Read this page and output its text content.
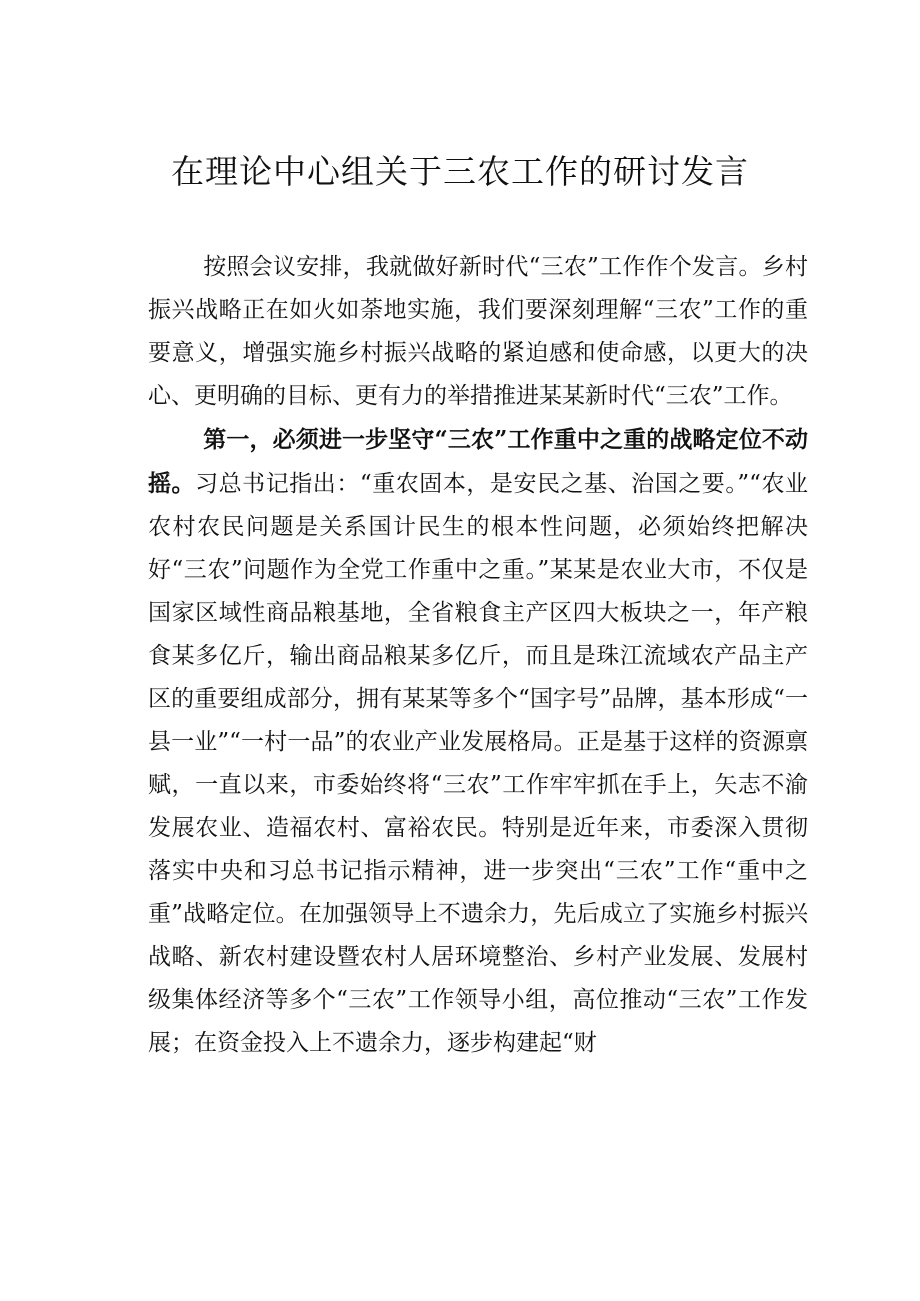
在理论中心组关于三农工作的研讨发言

按照会议安排，我就做好新时代“三农”工作作个发言。乡村振兴战略正在如火如荼地实施，我们要深刻理解“三农”工作的重要意义，增强实施乡村振兴战略的紧迫感和使命感，以更大的决心、更明确的目标、更有力的举措推进某某新时代“三农”工作。

第一，必须进一步坚守“三农”工作重中之重的战略定位不动摇。习总书记指出：“重农固本，是安民之基、治国之要。”“农业农村农民问题是关系国计民生的根本性问题，必须始终把解决好“三农”问题作为全党工作重中之重。”某某是农业大市，不仅是国家区域性商品粮基地，全省粮食主产区四大板块之一，年产粮食某多亿斤，输出商品粮某多亿斤，而且是珠江流域农产品主产区的重要组成部分，拥有某某等多个“国字号”品牌，基本形成“一县一业”“一村一品”的农业产业发展格局。正是基于这样的资源禀赋，一直以来，市委始终将“三农”工作牢牢抓在手上，矢志不渝发展农业、造福农村、富裕农民。特别是近年来，市委深入贯彻落实中央和习总书记指示精神，进一步突出“三农”工作“重中之重”战略定位。在加强领导上不遗余力，先后成立了实施乡村振兴战略、新农村建设暨农村人居环境整治、乡村产业发展、发展村级集体经济等多个“三农”工作领导小组，高位推动“三农”工作发展；在资金投入上不遗余力，逐步构建起“财
